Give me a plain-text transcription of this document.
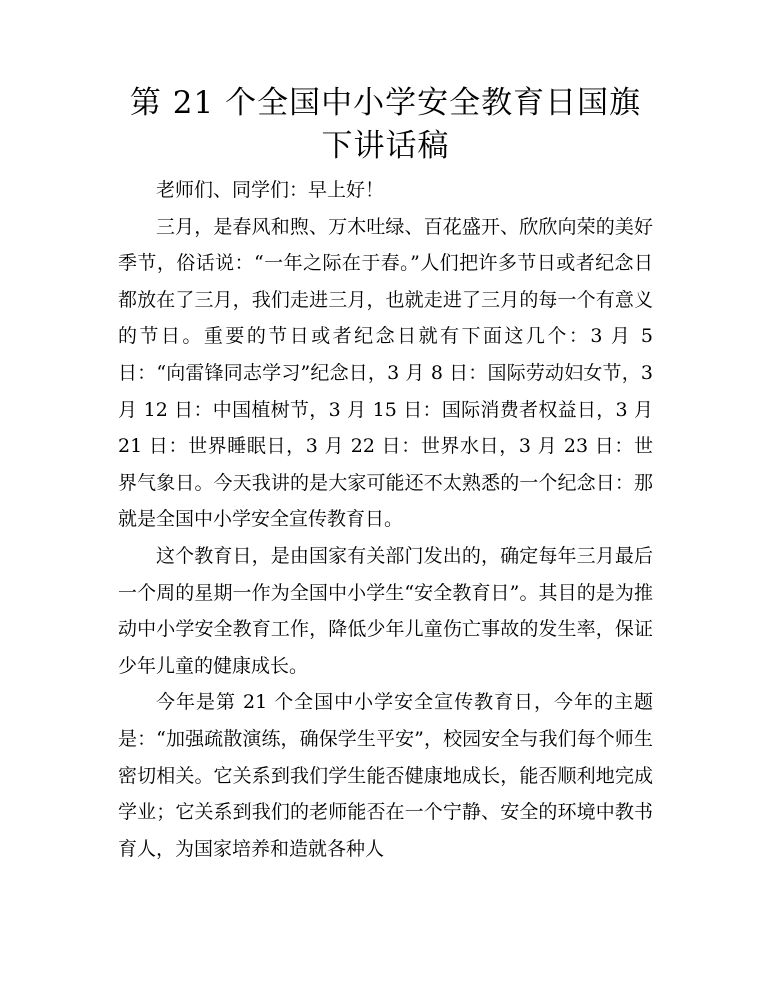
第 21 个全国中小学安全教育日国旗下讲话稿

老师们、同学们：早上好！

三月，是春风和煦、万木吐绿、百花盛开、欣欣向荣的美好季节，俗话说：“一年之际在于春。”人们把许多节日或者纪念日都放在了三月，我们走进三月，也就走进了三月的每一个有意义的节日。重要的节日或者纪念日就有下面这几个：3 月 5 日：“向雷锋同志学习”纪念日，3 月 8 日：国际劳动妇女节，3 月 12 日：中国植树节，3 月 15 日：国际消费者权益日，3 月 21 日：世界睡眠日，3 月 22 日：世界水日，3 月 23 日：世界气象日。今天我讲的是大家可能还不太熟悉的一个纪念日：那就是全国中小学安全宣传教育日。

这个教育日，是由国家有关部门发出的，确定每年三月最后一个周的星期一作为全国中小学生“安全教育日”。其目的是为推动中小学安全教育工作，降低少年儿童伤亡事故的发生率，保证少年儿童的健康成长。

今年是第 21 个全国中小学安全宣传教育日，今年的主题是：“加强疏散演练，确保学生平安”，校园安全与我们每个师生密切相关。它关系到我们学生能否健康地成长，能否顺利地完成学业；它关系到我们的老师能否在一个宁静、安全的环境中教书育人，为国家培养和造就各种人
